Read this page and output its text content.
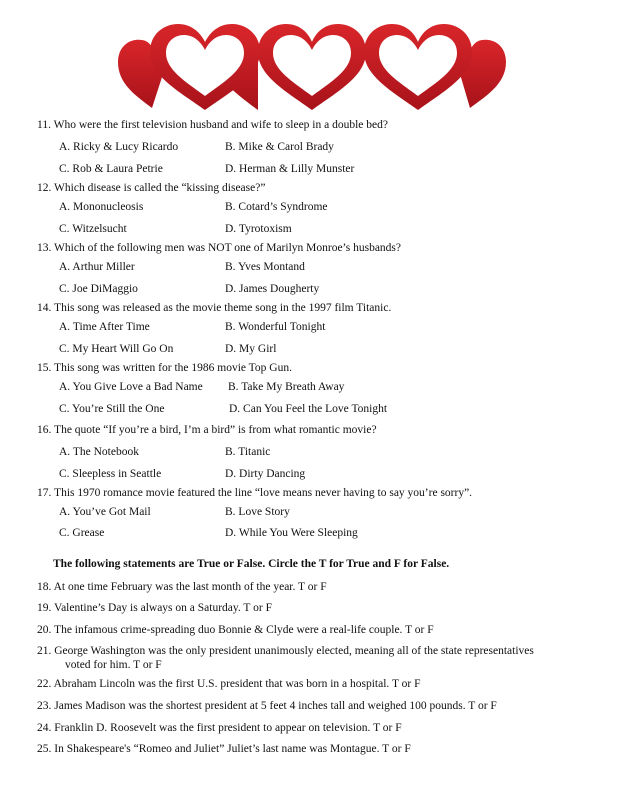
11. Who were the first television husband and wife to sleep in a double bed?
A. Ricky & Lucy Ricardo	B. Mike & Carol Brady
C. Rob & Laura Petrie	D. Herman & Lilly Munster
12. Which disease is called the “kissing disease?”
A. Mononucleosis	B. Cotard’s Syndrome
C. Witzelsucht	D. Tyrotoxism
13. Which of the following men was NOT one of Marilyn Monroe’s husbands?
A. Arthur Miller	B. Yves Montand
C. Joe DiMaggio	D. James Dougherty
14. This song was released as the movie theme song in the 1997 film Titanic.
A. Time After Time	B. Wonderful Tonight
C. My Heart Will Go On	D. My Girl
15. This song was written for the 1986 movie Top Gun.
A. You Give Love a Bad Name B. Take My Breath Away
C. You’re Still the One	D. Can You Feel the Love Tonight
16. The quote “If you’re a bird, I’m a bird” is from what romantic movie?
A. The Notebook	B. Titanic
C. Sleepless in Seattle	D. Dirty Dancing
17. This 1970 romance movie featured the line “love means never having to say you’re sorry”.
A. You’ve Got Mail	B. Love Story
C. Grease	D. While You Were Sleeping
The following statements are True or False. Circle the T for True and F for False.
18. At one time February was the last month of the year. T or F
19. Valentine’s Day is always on a Saturday. T or F
20. The infamous crime-spreading duo Bonnie & Clyde were a real-life couple. T or F
21. George Washington was the only president unanimously elected, meaning all of the state representatives
voted for him. T or F
22. Abraham Lincoln was the first U.S. president that was born in a hospital. T or F
23. James Madison was the shortest president at 5 feet 4 inches tall and weighed 100 pounds. T or F
24. Franklin D. Roosevelt was the first president to appear on television. T or F
25. In Shakespeare's “Romeo and Juliet” Juliet’s last name was Montague. T or F
